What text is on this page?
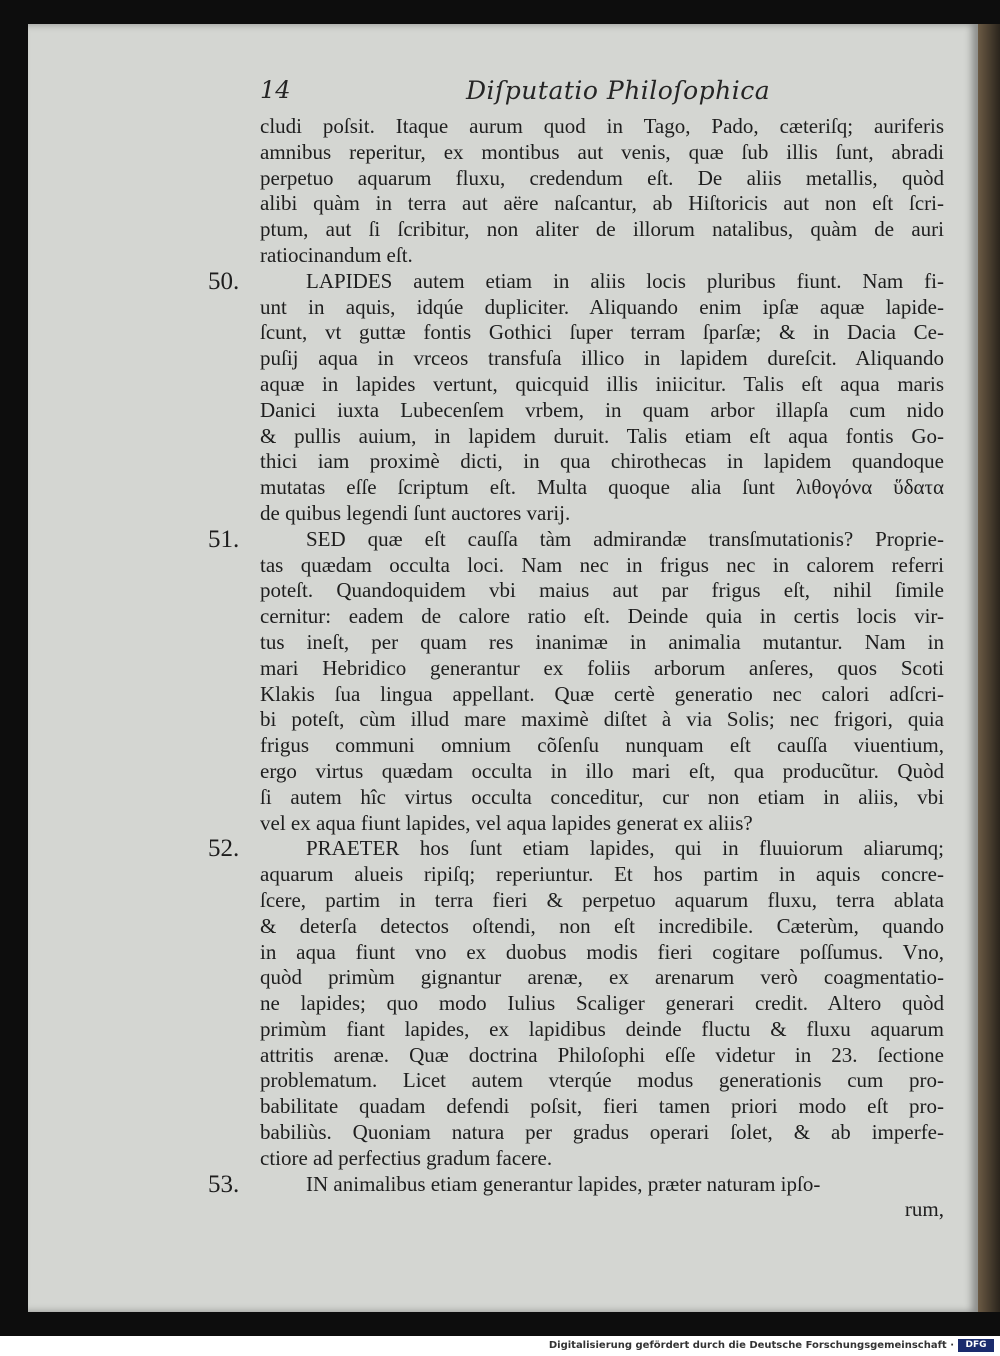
14	Diſputatio Philoſophica
cludi poſsit. Itaque aurum quod in Tago, Pado, cæteriſq; auriferis
amnibus reperitur, ex montibus aut venis, quæ ſub illis ſunt, abradi
perpetuo aquarum fluxu, credendum eſt. De aliis metallis, quòd
alibi quàm in terra aut aëre naſcantur, ab Hiſtoricis aut non eſt ſcri-
ptum, aut ſi ſcribitur, non aliter de illorum natalibus, quàm de auri
ratiocinandum eſt.
50.	LAPIDES autem etiam in aliis locis pluribus fiunt. Nam fi-
unt in aquis, idqúe dupliciter. Aliquando enim ipſæ aquæ lapide-
ſcunt, vt guttæ fontis Gothici ſuper terram ſparſæ; & in Dacia Ce-
puſij aqua in vrceos transfuſa illico in lapidem dureſcit. Aliquando
aquæ in lapides vertunt, quicquid illis iniicitur. Talis eſt aqua maris
Danici iuxta Lubecenſem vrbem, in quam arbor illapſa cum nido
& pullis auium, in lapidem duruit. Talis etiam eſt aqua fontis Go-
thici iam proximè dicti, in qua chirothecas in lapidem quandoque
mutatas eſſe ſcriptum eſt. Multa quoque alia ſunt λιθογόνα ὕδατα
de quibus legendi ſunt auctores varij.
51.	SED quæ eſt cauſſa tàm admirandæ transſmutationis? Proprie-
tas quædam occulta loci. Nam nec in frigus nec in calorem referri
poteſt. Quandoquidem vbi maius aut par frigus eſt, nihil ſimile
cernitur: eadem de calore ratio eſt. Deinde quia in certis locis vir-
tus ineſt, per quam res inanimæ in animalia mutantur. Nam in
mari Hebridico generantur ex foliis arborum anſeres, quos Scoti
Klakis ſua lingua appellant. Quæ certè generatio nec calori adſcri-
bi poteſt, cùm illud mare maximè diſtet à via Solis; nec frigori, quia
frigus communi omnium cõſenſu nunquam eſt cauſſa viuentium,
ergo virtus quædam occulta in illo mari eſt, qua producũtur. Quòd
ſi autem hîc virtus occulta conceditur, cur non etiam in aliis, vbi
vel ex aqua fiunt lapides, vel aqua lapides generat ex aliis?
52.	PRAETER hos ſunt etiam lapides, qui in fluuiorum aliarumq;
aquarum alueis ripiſq; reperiuntur. Et hos partim in aquis concre-
ſcere, partim in terra fieri & perpetuo aquarum fluxu, terra ablata
& deterſa detectos oſtendi, non eſt incredibile. Cæterùm, quando
in aqua fiunt vno ex duobus modis fieri cogitare poſſumus. Vno,
quòd primùm gignantur arenæ, ex arenarum verò coagmentatio-
ne lapides; quo modo Iulius Scaliger generari credit. Altero quòd
primùm fiant lapides, ex lapidibus deinde fluctu & fluxu aquarum
attritis arenæ. Quæ doctrina Philoſophi eſſe videtur in 23. ſectione
problematum. Licet autem vterqúe modus generationis cum pro-
babilitate quadam defendi poſsit, fieri tamen priori modo eſt pro-
babiliùs. Quoniam natura per gradus operari ſolet, & ab imperfe-
ctiore ad perfectius gradum facere.
53.	IN animalibus etiam generantur lapides, præter naturam ipſo-
rum,
Digitalisierung gefördert durch die Deutsche Forschungsgemeinschaft ·	DFG
